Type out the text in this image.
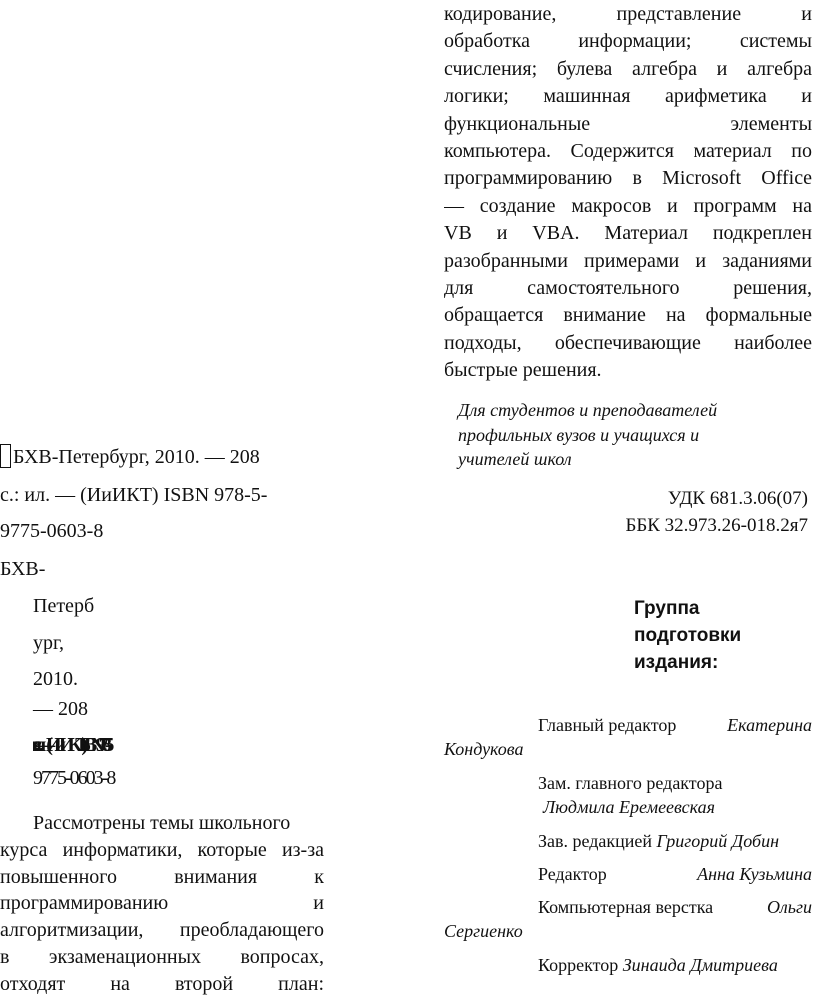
кодирование, представление и
обработка информации; системы
счисления; булева алгебра и алгебра
логики; машинная арифметика и
функциональные элементы
компьютера. Содержится материал по
программированию в Microsoft Office
— создание макросов и программ на
VB и VBA. Материал подкреплен
разобранными примерами и заданиями
для самостоятельного решения,
обращается внимание на формальные
подходы, обеспечивающие наиболее
быстрые решения.
Для студентов и преподавателей
профильных вузов и учащихся и
учителей школ
УДК 681.3.06(07)
ББК 32.973.26-018.2я7
Группа
подготовки
издания:
Главный редактор	Екатерина
Кондукова
Зам. главного редактора
Людмила Еремеевская
Зав. редакцией Григорий Добин
Редактор	Анна Кузьмина
Компьютерная верстка	Ольги
Сергиенко
Корректор Зинаида Дмитриева
БХВ-Петербург, 2010. — 208
с.: ил. — (ИиИКТ) ISBN 978-5-
9775-0603-8
БХВ-
Петерб
ург,
2010.
— 208
с.: ил. — (ИиИКТ) ISBN 978-5-
9775-0603-8
Рассмотрены темы школьного
курса информатики, которые из-за
повышенного внимания к
программированию и
алгоритмизации, преобладающего
в экзаменационных вопросах,
отходят на второй план:
